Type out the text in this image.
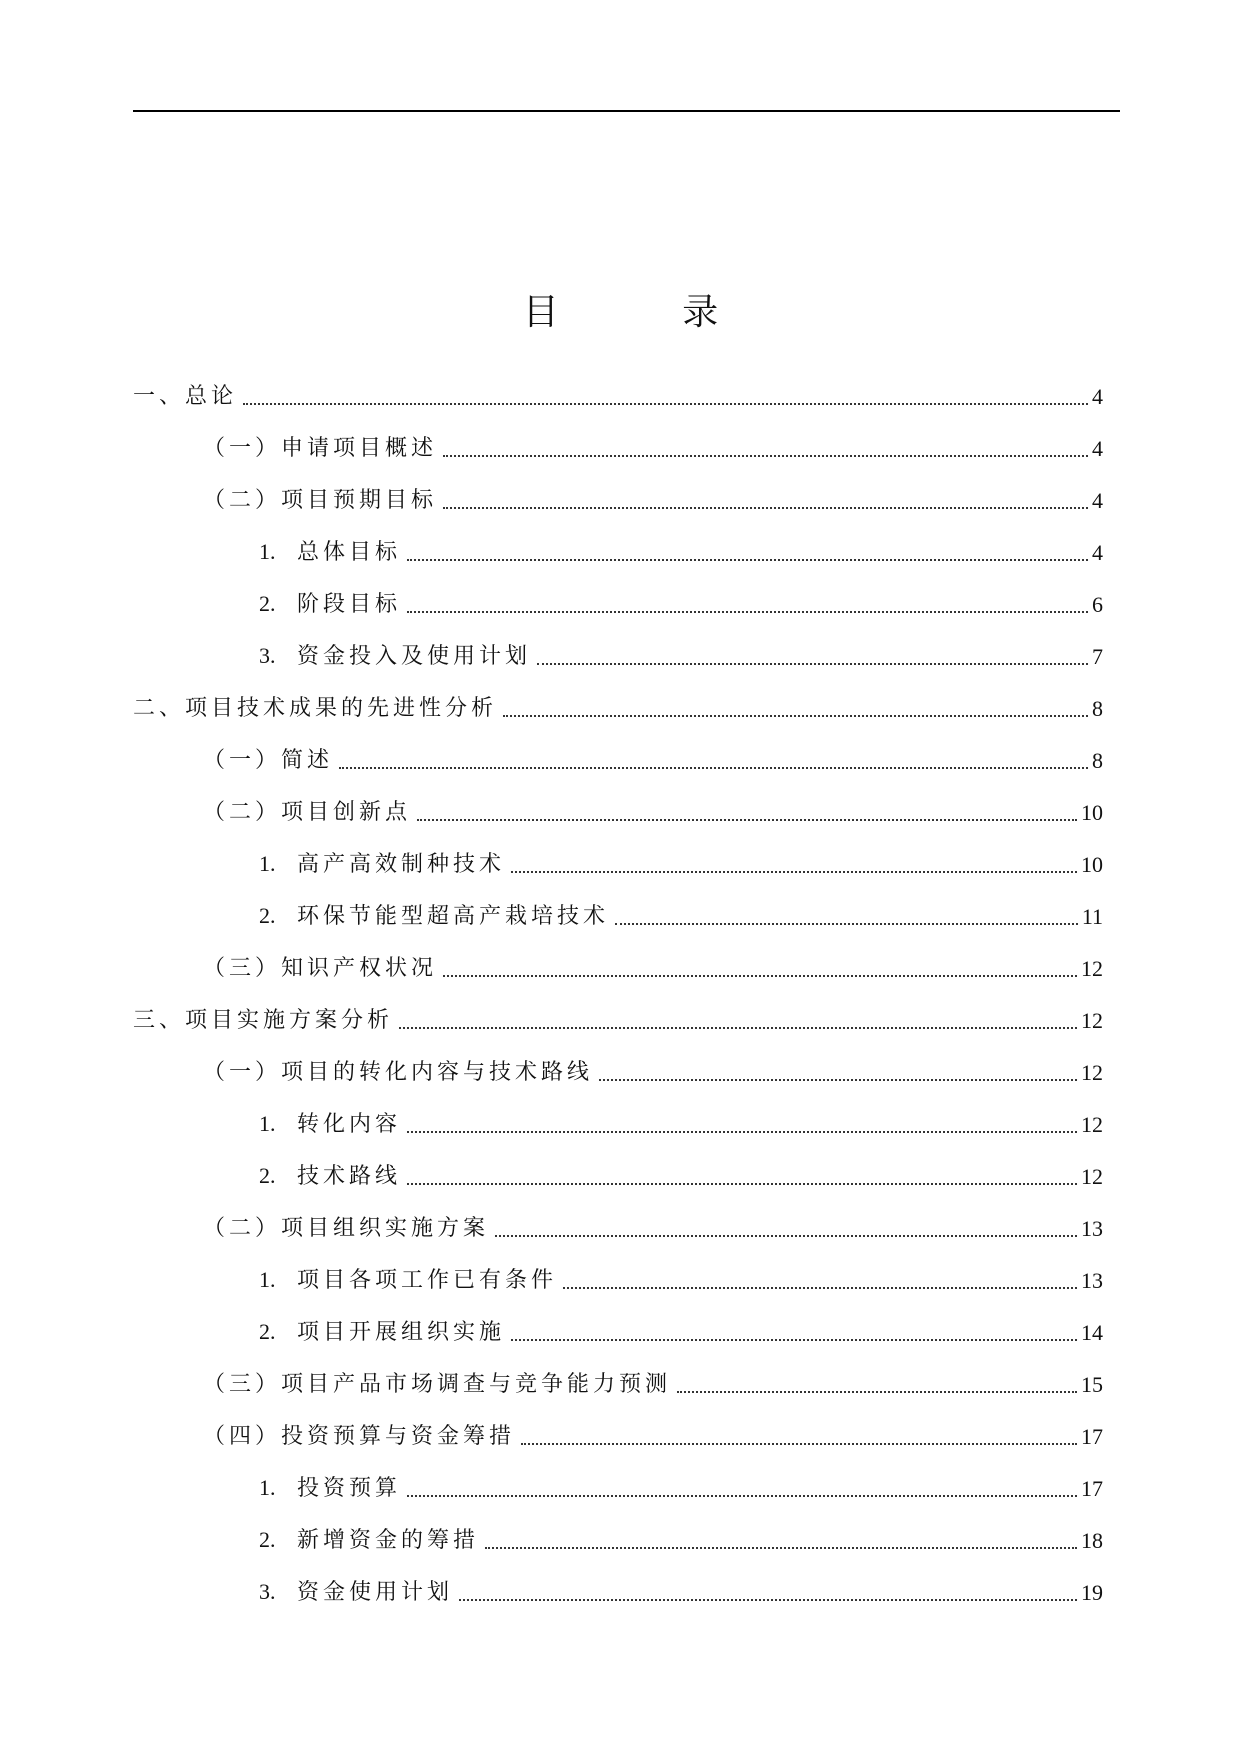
目 录
一、总论	4
（一）申请项目概述	4
（二）项目预期目标	4
1. 总体目标	4
2. 阶段目标	6
3. 资金投入及使用计划	7
二、项目技术成果的先进性分析	8
（一）简述	8
（二）项目创新点	10
1. 高产高效制种技术	10
2. 环保节能型超高产栽培技术	11
（三）知识产权状况	12
三、项目实施方案分析	12
（一）项目的转化内容与技术路线	12
1. 转化内容	12
2. 技术路线	12
（二）项目组织实施方案	13
1. 项目各项工作已有条件	13
2. 项目开展组织实施	14
（三）项目产品市场调查与竞争能力预测	15
（四）投资预算与资金筹措	17
1. 投资预算	17
2. 新增资金的筹措	18
3. 资金使用计划	19
